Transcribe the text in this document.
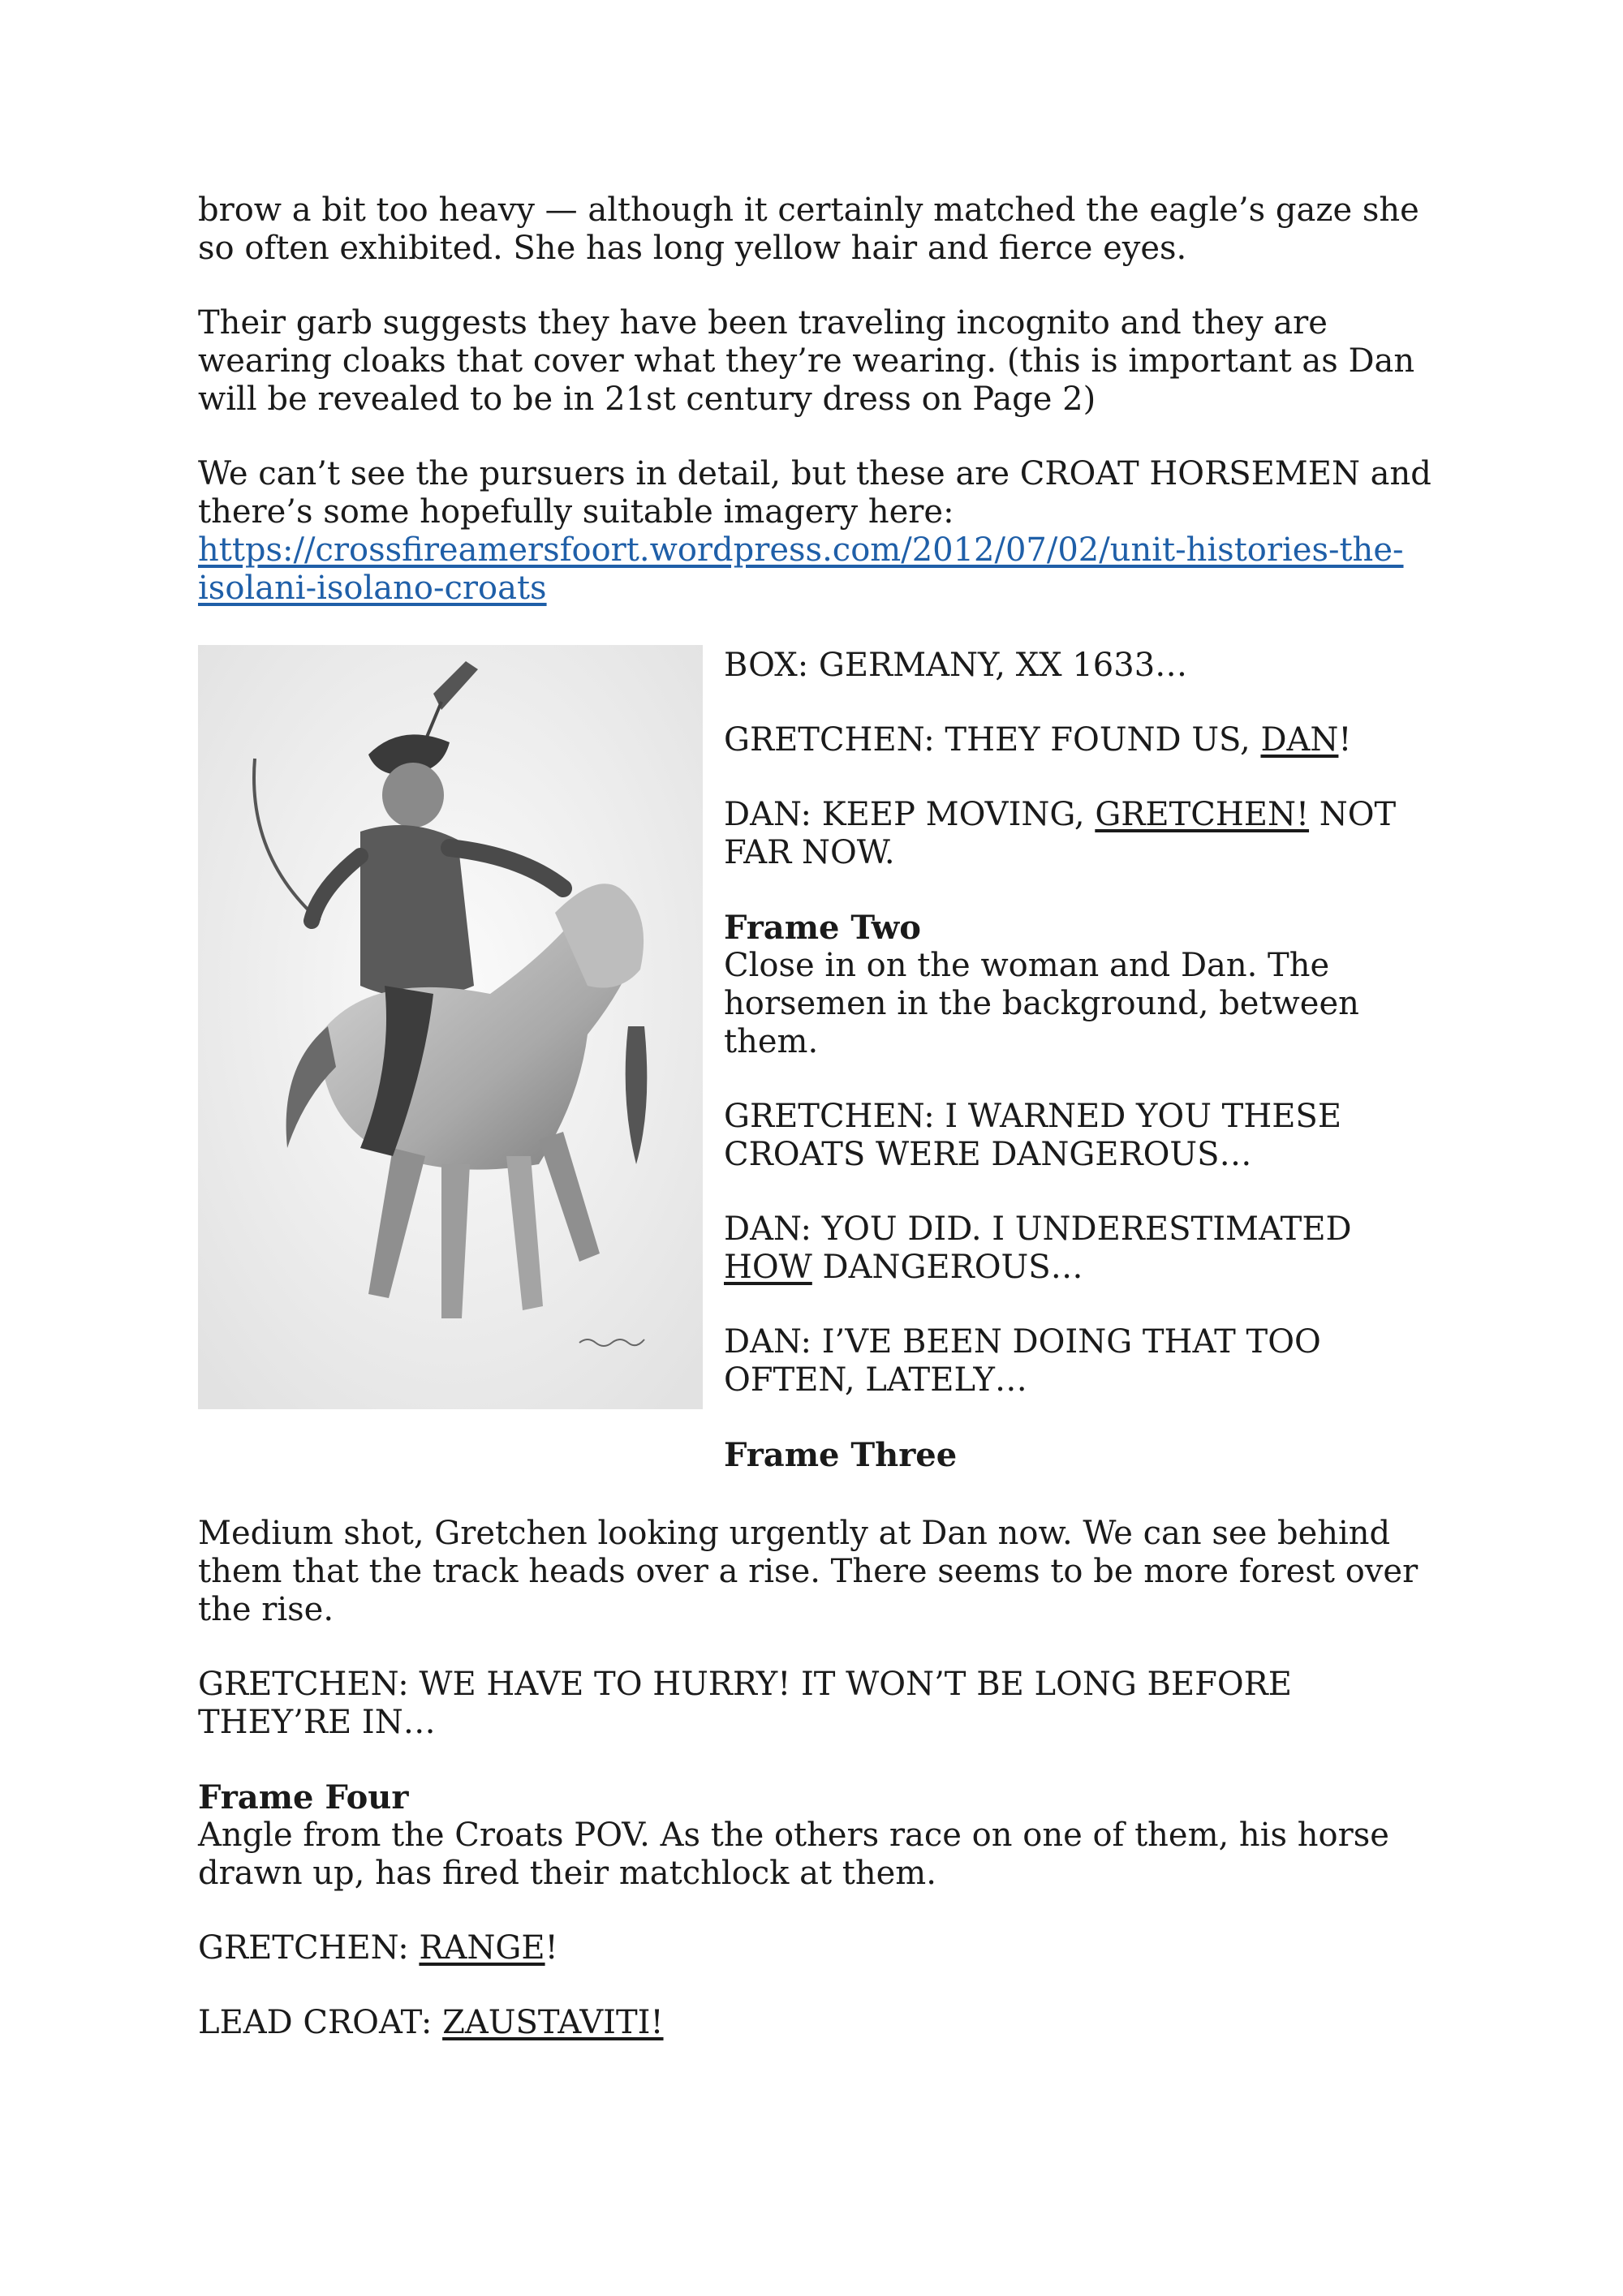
brow a bit too heavy — although it certainly matched the eagle’s gaze she so often exhibited. She has long yellow hair and fierce eyes.

Their garb suggests they have been traveling incognito and they are wearing cloaks that cover what they’re wearing. (this is important as Dan will be revealed to be in 21st century dress on Page 2)

We can’t see the pursuers in detail, but these are CROAT HORSEMEN and there’s some hopefully suitable imagery here:
https://crossfireamersfoort.wordpress.com/2012/07/02/unit-histories-the-isolani-isolano-croats

BOX: GERMANY, XX 1633…

GRETCHEN: THEY FOUND US, DAN!

DAN: KEEP MOVING, GRETCHEN! NOT FAR NOW.

Frame Two

Close in on the woman and Dan. The horsemen in the background, between them.

GRETCHEN: I WARNED YOU THESE CROATS WERE DANGEROUS…

DAN: YOU DID. I UNDERESTIMATED HOW DANGEROUS…

DAN: I’VE BEEN DOING THAT TOO OFTEN, LATELY…

Frame Three

Medium shot, Gretchen looking urgently at Dan now. We can see behind them that the track heads over a rise. There seems to be more forest over the rise.

GRETCHEN: WE HAVE TO HURRY! IT WON’T BE LONG BEFORE THEY’RE IN…

Frame Four

Angle from the Croats POV. As the others race on one of them, his horse drawn up, has fired their matchlock at them.

GRETCHEN: RANGE!

LEAD CROAT: ZAUSTAVITI!
